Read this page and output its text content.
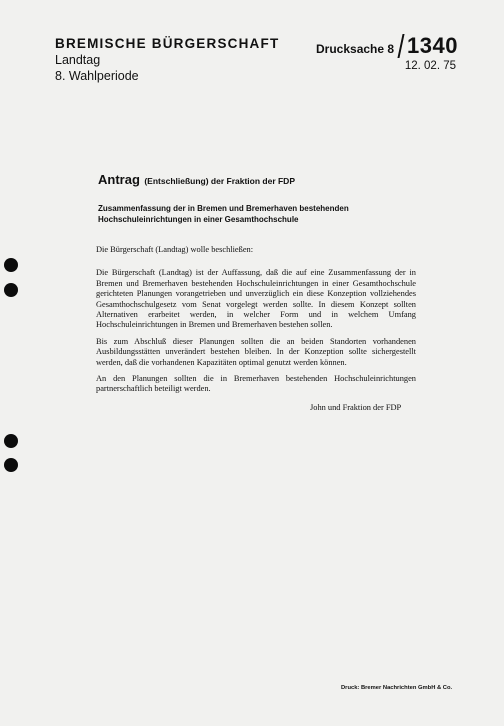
BREMISCHE BÜRGERSCHAFT
Landtag
8. Wahlperiode
Drucksache 8 1340
12. 02. 75
Antrag (Entschließung) der Fraktion der FDP
Zusammenfassung der in Bremen und Bremerhaven bestehenden Hochschuleinrichtungen in einer Gesamthochschule

Die Bürgerschaft (Landtag) wolle beschließen:

Die Bürgerschaft (Landtag) ist der Auffassung, daß die auf eine Zusammenfassung der in Bremen und Bremerhaven bestehenden Hochschuleinrichtungen in einer Gesamthochschule gerichteten Planungen vorangetrieben und unverzüglich ein diese Konzeption vollziehendes Gesamthochschulgesetz vom Senat vorgelegt werden sollte. In diesem Konzept sollten Alternativen erarbeitet werden, in welcher Form und in welchem Umfang Hochschuleinrichtungen in Bremen und Bremerhaven bestehen sollen.

Bis zum Abschluß dieser Planungen sollten die an beiden Standorten vorhandenen Ausbildungsstätten unverändert bestehen bleiben. In der Konzeption sollte sichergestellt werden, daß die vorhandenen Kapazitäten optimal genutzt werden können.

An den Planungen sollten die in Bremerhaven bestehenden Hochschuleinrichtungen partnerschaftlich beteiligt werden.

John und Fraktion der FDP
Druck: Bremer Nachrichten GmbH & Co.
